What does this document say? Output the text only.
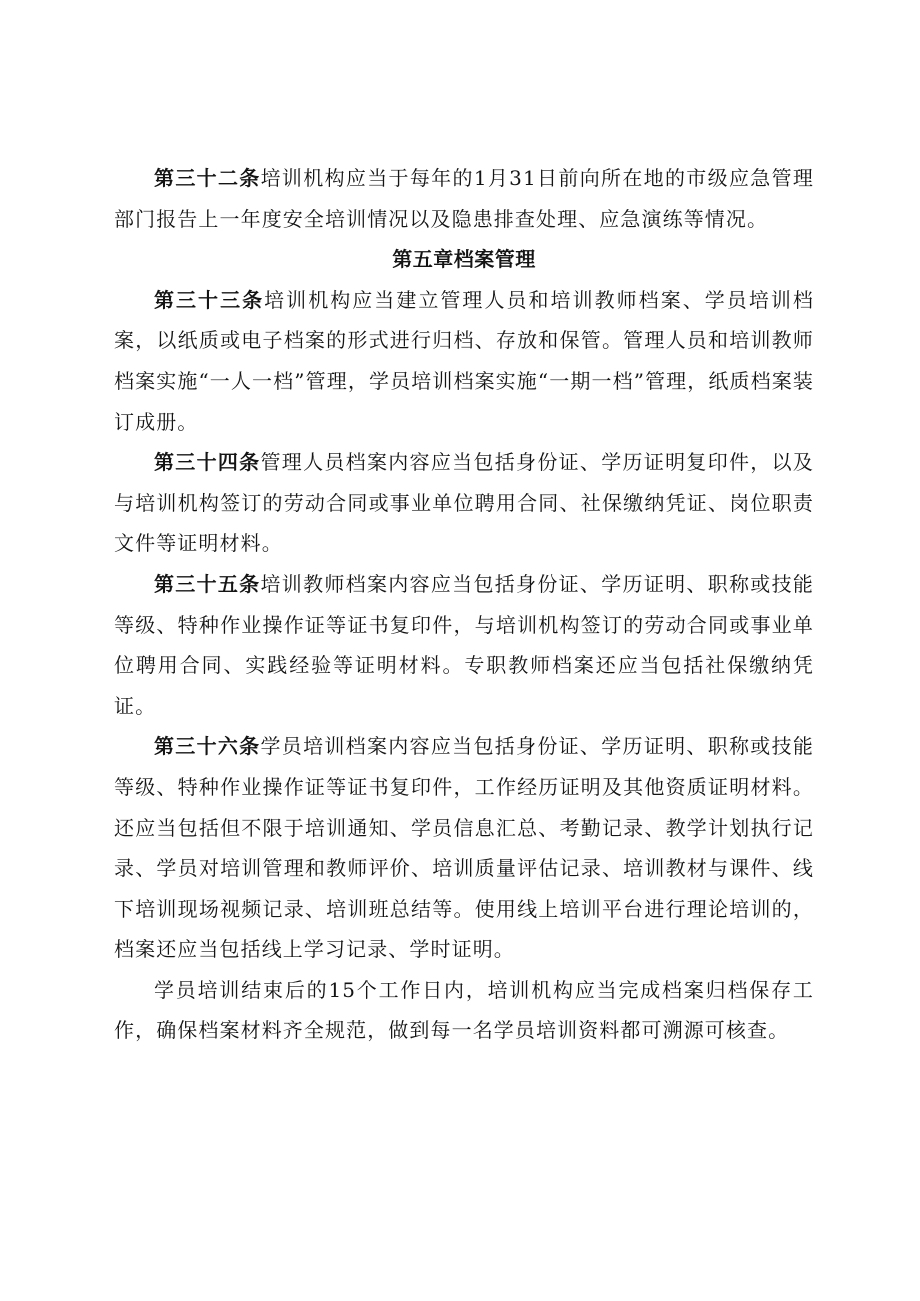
第三十二条培训机构应当于每年的1月31日前向所在地的市级应急管理部门报告上一年度安全培训情况以及隐患排查处理、应急演练等情况。

第五章档案管理

第三十三条培训机构应当建立管理人员和培训教师档案、学员培训档案，以纸质或电子档案的形式进行归档、存放和保管。管理人员和培训教师档案实施“一人一档”管理，学员培训档案实施“一期一档”管理，纸质档案装订成册。

第三十四条管理人员档案内容应当包括身份证、学历证明复印件，以及与培训机构签订的劳动合同或事业单位聘用合同、社保缴纳凭证、岗位职责文件等证明材料。

第三十五条培训教师档案内容应当包括身份证、学历证明、职称或技能等级、特种作业操作证等证书复印件，与培训机构签订的劳动合同或事业单位聘用合同、实践经验等证明材料。专职教师档案还应当包括社保缴纳凭证。

第三十六条学员培训档案内容应当包括身份证、学历证明、职称或技能等级、特种作业操作证等证书复印件，工作经历证明及其他资质证明材料。还应当包括但不限于培训通知、学员信息汇总、考勤记录、教学计划执行记录、学员对培训管理和教师评价、培训质量评估记录、培训教材与课件、线下培训现场视频记录、培训班总结等。使用线上培训平台进行理论培训的，档案还应当包括线上学习记录、学时证明。

学员培训结束后的15个工作日内，培训机构应当完成档案归档保存工作，确保档案材料齐全规范，做到每一名学员培训资料都可溯源可核查。
